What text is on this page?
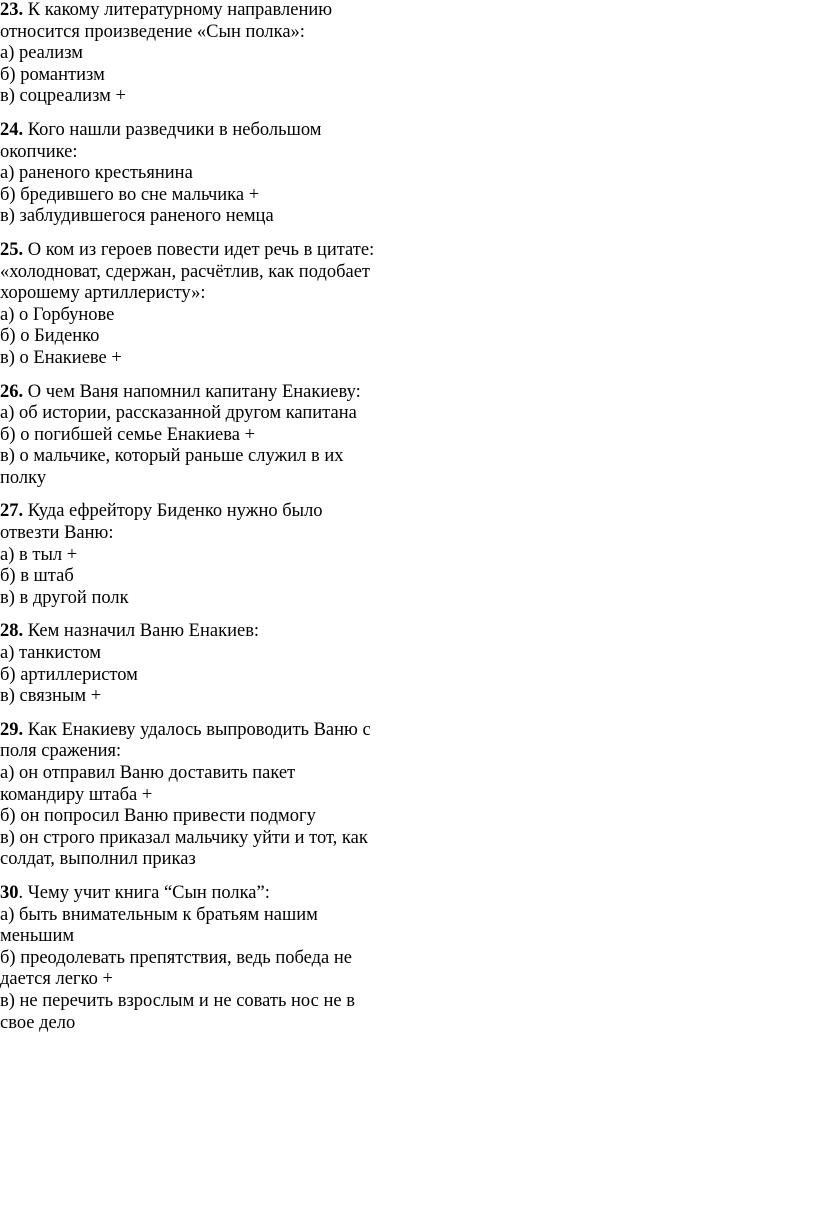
23. К какому литературному направлению
относится произведение «Сын полка»:
а) реализм
б) романтизм
в) соцреализм +
24. Кого нашли разведчики в небольшом
окопчике:
а) раненого крестьянина
б) бредившего во сне мальчика +
в) заблудившегося раненого немца
25. О ком из героев повести идет речь в цитате:
«холодноват, сдержан, расчётлив, как подобает
хорошему артиллеристу»:
а) о Горбунове
б) о Биденко
в) о Енакиеве +
26. О чем Ваня напомнил капитану Енакиеву:
а) об истории, рассказанной другом капитана
б) о погибшей семье Енакиева +
в) о мальчике, который раньше служил в их
полку
27. Куда ефрейтору Биденко нужно было
отвезти Ваню:
а) в тыл +
б) в штаб
в) в другой полк
28. Кем назначил Ваню Енакиев:
а) танкистом
б) артиллеристом
в) связным +
29. Как Енакиеву удалось выпроводить Ваню с
поля сражения:
а) он отправил Ваню доставить пакет
командиру штаба +
б) он попросил Ваню привести подмогу
в) он строго приказал мальчику уйти и тот, как
солдат, выполнил приказ
30. Чему учит книга “Сын полка”:
а) быть внимательным к братьям нашим
меньшим
б) преодолевать препятствия, ведь победа не
дается легко +
в) не перечить взрослым и не совать нос не в
свое дело
